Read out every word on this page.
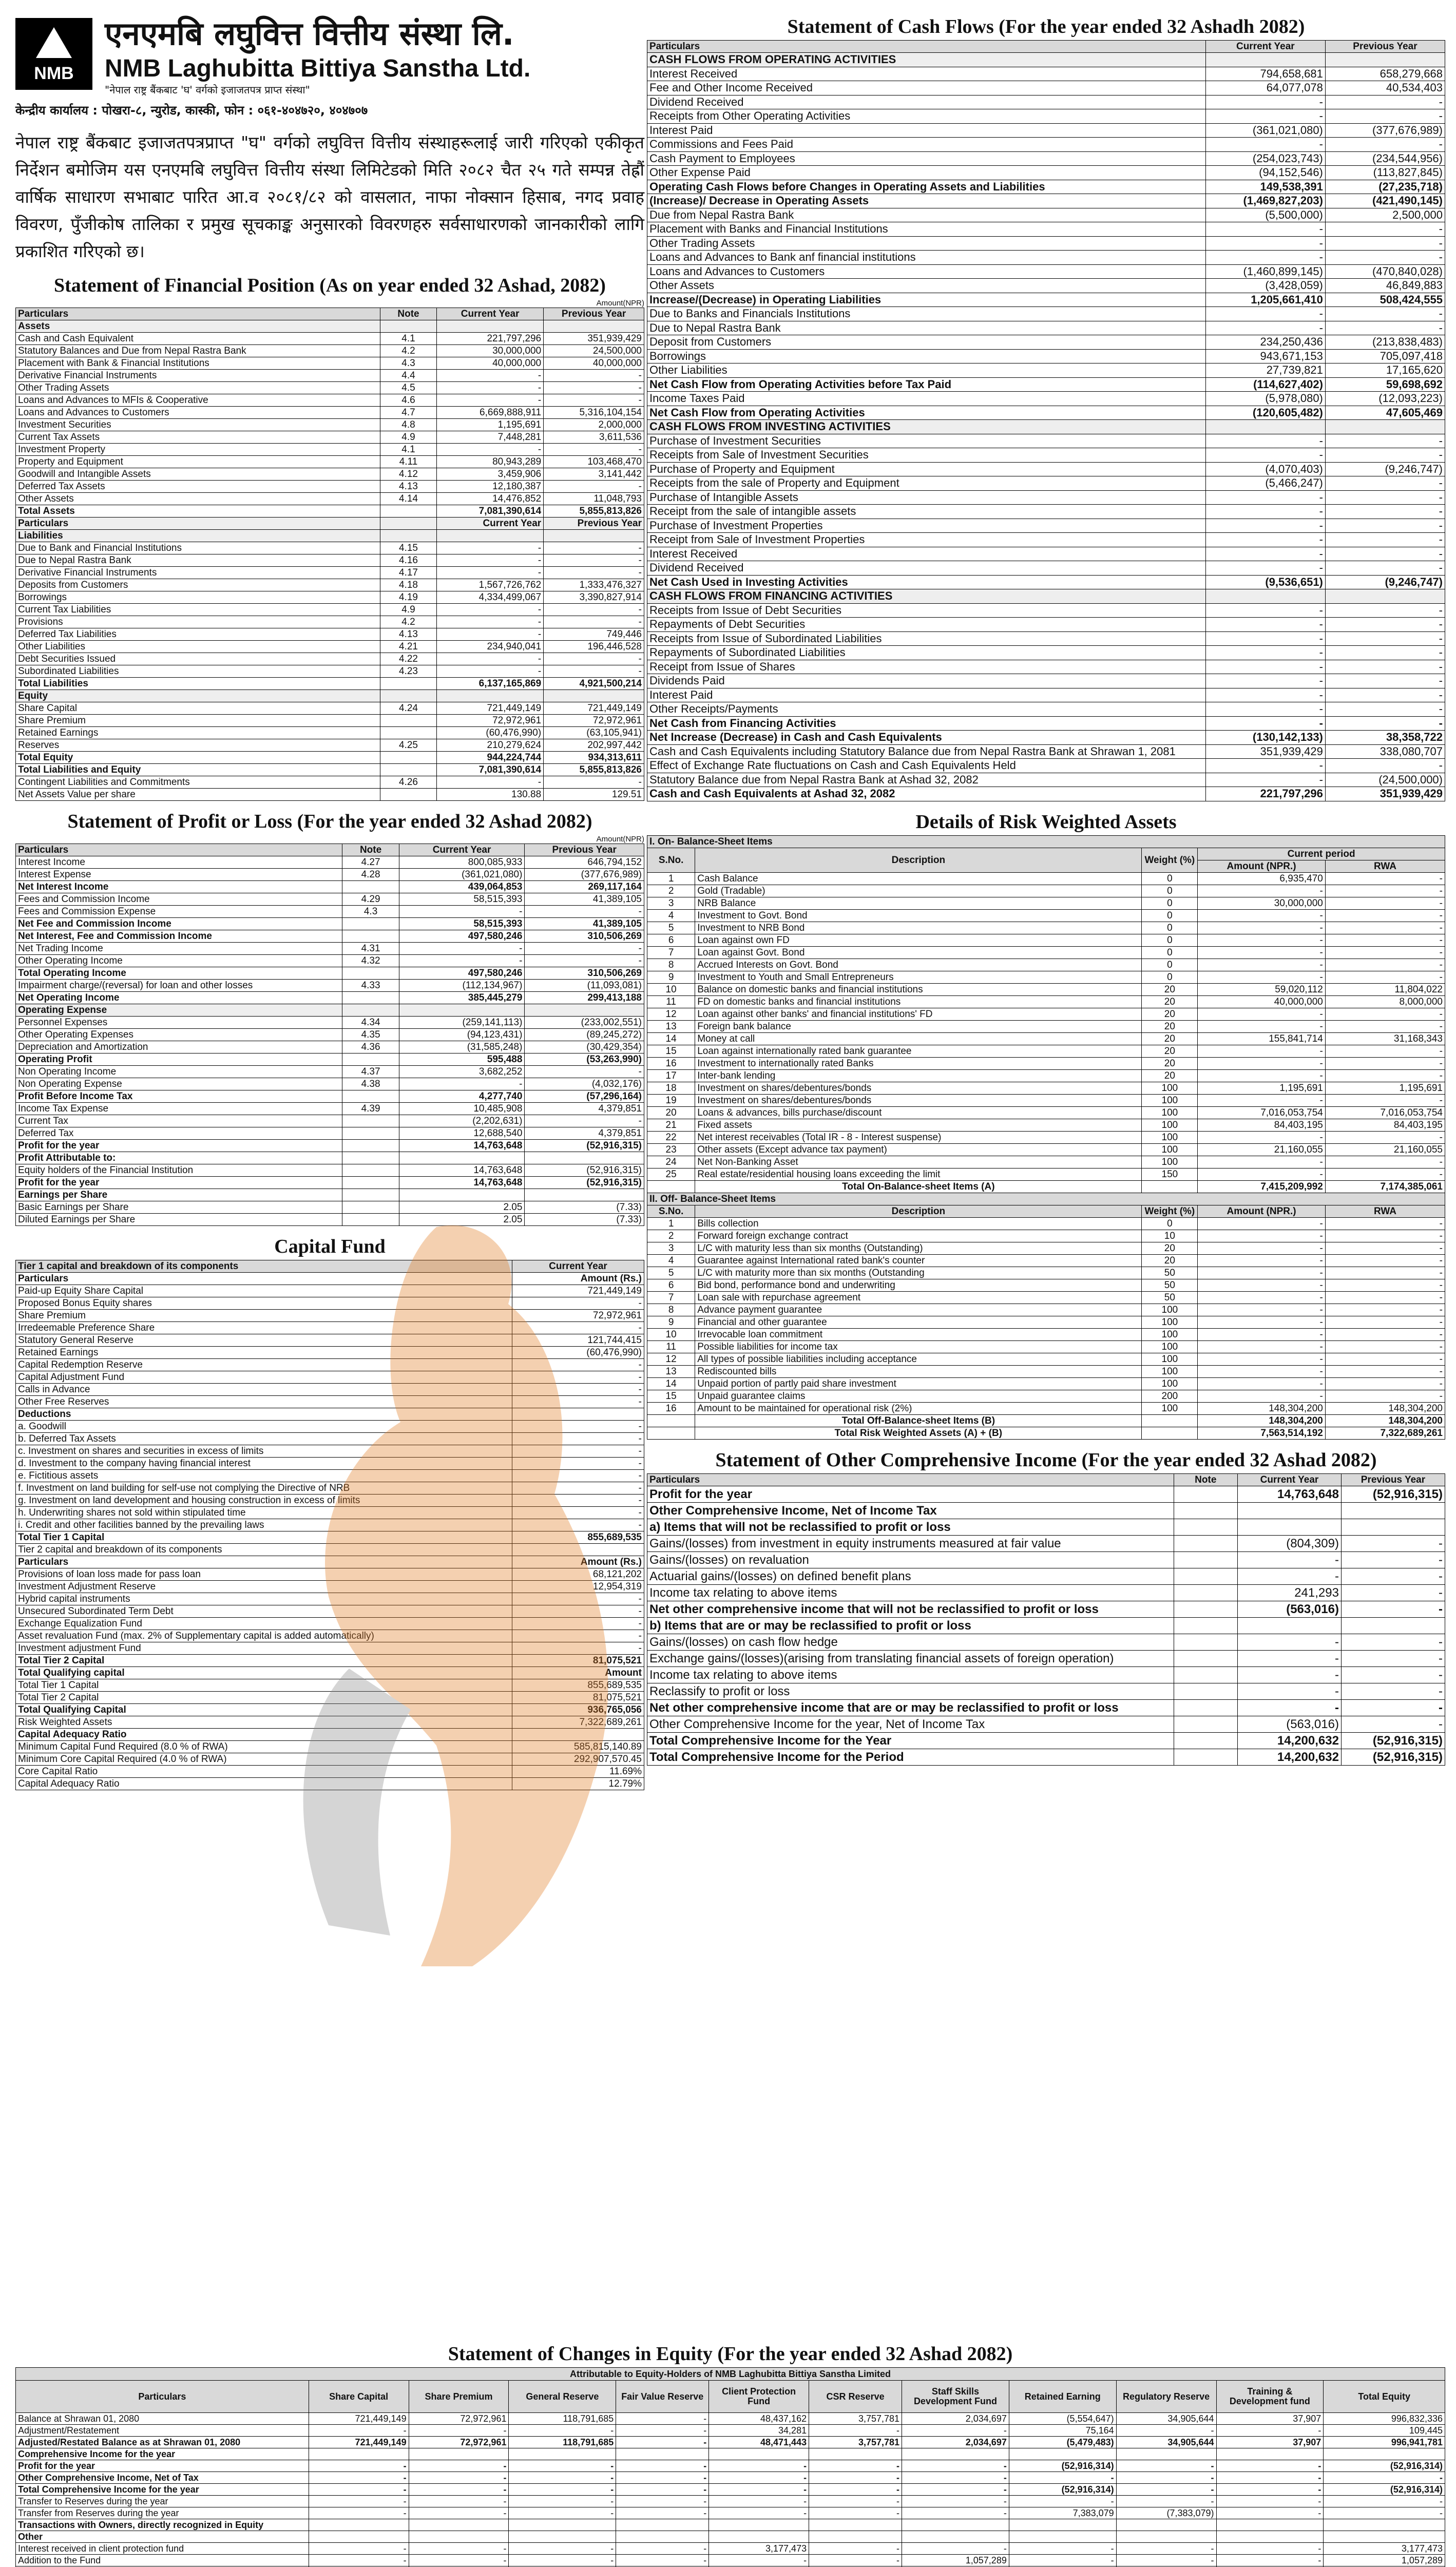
NMB
एनएमबि लघुवित्त वित्तीय संस्था लि.
NMB Laghubitta Bittiya Sanstha Ltd.
"नेपाल राष्ट्र बैंकबाट 'घ' वर्गको इजाजतपत्र प्राप्त संस्था"
केन्द्रीय कार्यालय : पोखरा-८, न्युरोड, कास्की, फोन : ०६१-४०४७२०, ४०४७०७
नेपाल राष्ट्र बैंकबाट इजाजतपत्रप्राप्त "घ" वर्गको लघुवित्त वित्तीय संस्थाहरूलाई जारी गरिएको एकीकृत निर्देशन बमोजिम यस एनएमबि लघुवित्त वित्तीय संस्था लिमिटेडको मिति २०८२ चैत २५ गते सम्पन्न तेह्रौं वार्षिक साधारण सभाबाट पारित आ.व २०८१/८२ को वासलात, नाफा नोक्सान हिसाब, नगद प्रवाह विवरण, पुँजीकोष तालिका र प्रमुख सूचकाङ्क अनुसारको विवरणहरु सर्वसाधारणको जानकारीको लागि प्रकाशित गरिएको छ।
Statement of Financial Position (As on year ended 32 Ashad, 2082)
Amount(NPR)
Particulars	Note	Current Year	Previous Year
Assets			
Cash and Cash Equivalent	4.1	221,797,296	351,939,429
Statutory Balances and Due from Nepal Rastra Bank	4.2	30,000,000	24,500,000
Placement with Bank & Financial Institutions	4.3	40,000,000	40,000,000
Derivative Financial Instruments	4.4	-	-
Other Trading Assets	4.5	-	-
Loans and Advances to MFIs & Cooperative	4.6	-	-
Loans and Advances to Customers	4.7	6,669,888,911	5,316,104,154
Investment Securities	4.8	1,195,691	2,000,000
Current Tax Assets	4.9	7,448,281	3,611,536
Investment Property	4.1	-	-
Property and Equipment	4.11	80,943,289	103,468,470
Goodwill and Intangible Assets	4.12	3,459,906	3,141,442
Deferred Tax Assets	4.13	12,180,387	-
Other Assets	4.14	14,476,852	11,048,793
Total Assets		7,081,390,614	5,855,813,826
Particulars		Current Year	Previous Year
Liabilities			
Due to Bank and Financial Institutions	4.15	-	-
Due to Nepal Rastra Bank	4.16	-	-
Derivative Financial Instruments	4.17	-	-
Deposits from Customers	4.18	1,567,726,762	1,333,476,327
Borrowings	4.19	4,334,499,067	3,390,827,914
Current Tax Liabilities	4.9	-	-
Provisions	4.2	-	-
Deferred Tax Liabilities	4.13	-	749,446
Other Liabilities	4.21	234,940,041	196,446,528
Debt Securities Issued	4.22	-	-
Subordinated Liabilities	4.23	-	-
Total Liabilities		6,137,165,869	4,921,500,214
Equity			
Share Capital	4.24	721,449,149	721,449,149
Share Premium		72,972,961	72,972,961
Retained Earnings		(60,476,990)	(63,105,941)
Reserves	4.25	210,279,624	202,997,442
Total Equity		944,224,744	934,313,611
Total Liabilities and Equity		7,081,390,614	5,855,813,826
Contingent Liabilities and Commitments	4.26	-	-
Net Assets Value per share		130.88	129.51
Statement of Profit or Loss (For the year ended 32 Ashad 2082)
Amount(NPR)
Particulars	Note	Current Year	Previous Year
Interest Income	4.27	800,085,933	646,794,152
Interest Expense	4.28	(361,021,080)	(377,676,989)
Net Interest Income		439,064,853	269,117,164
Fees and Commission Income	4.29	58,515,393	41,389,105
Fees and Commission Expense	4.3	-	-
Net Fee and Commission Income		58,515,393	41,389,105
Net Interest, Fee and Commission Income		497,580,246	310,506,269
Net Trading Income	4.31	-	-
Other Operating Income	4.32	-	-
Total Operating Income		497,580,246	310,506,269
Impairment charge/(reversal) for loan and other losses	4.33	(112,134,967)	(11,093,081)
Net Operating Income		385,445,279	299,413,188
Operating Expense			
Personnel Expenses	4.34	(259,141,113)	(233,002,551)
Other Operating Expenses	4.35	(94,123,431)	(89,245,272)
Depreciation and Amortization	4.36	(31,585,248)	(30,429,354)
Operating Profit		595,488	(53,263,990)
Non Operating Income	4.37	3,682,252	-
Non Operating Expense	4.38	-	(4,032,176)
Profit Before Income Tax		4,277,740	(57,296,164)
Income Tax Expense	4.39	10,485,908	4,379,851
Current Tax		(2,202,631)	-
Deferred Tax		12,688,540	4,379,851
Profit for the year		14,763,648	(52,916,315)
Profit Attributable to:			
Equity holders of the Financial Institution		14,763,648	(52,916,315)
Profit for the year		14,763,648	(52,916,315)
Earnings per Share			
Basic Earnings per Share		2.05	(7.33)
Diluted Earnings per Share		2.05	(7.33)
Capital Fund
Tier 1 capital and breakdown of its components	Current Year
Particulars	Amount (Rs.)
Paid-up Equity Share Capital	721,449,149
Proposed Bonus Equity shares	-
Share Premium	72,972,961
Irredeemable Preference Share	-
Statutory General Reserve	121,744,415
Retained Earnings	(60,476,990)
Capital Redemption Reserve	-
Capital Adjustment Fund	-
Calls in Advance	-
Other Free Reserves	-
Deductions	
a. Goodwill	-
b. Deferred Tax Assets	-
c. Investment on shares and securities in excess of limits	-
d. Investment to the company having financial interest	-
e. Fictitious assets	-
f. Investment on land building for self-use not complying the Directive of NRB	-
g. Investment on land development and housing construction in excess of limits	-
h. Underwriting shares not sold within stipulated time	-
i. Credit and other facilities banned by the prevailing laws	-
Total Tier 1 Capital	855,689,535
Tier 2 capital and breakdown of its components	
Particulars	Amount (Rs.)
Provisions of loan loss made for pass loan	68,121,202
Investment Adjustment Reserve	12,954,319
Hybrid capital instruments	-
Unsecured Subordinated Term Debt	-
Exchange Equalization Fund	-
Asset revaluation Fund (max. 2% of Supplementary capital is added automatically)	-
Investment adjustment Fund	-
Total Tier 2 Capital	81,075,521
Total Qualifying capital	Amount
Total Tier 1 Capital	855,689,535
Total Tier 2 Capital	81,075,521
Total Qualifying Capital	936,765,056
Risk Weighted Assets	7,322,689,261
Capital Adequacy Ratio	
Minimum Capital Fund Required (8.0 % of RWA)	585,815,140.89
Minimum Core Capital Required (4.0 % of RWA)	292,907,570.45
Core Capital Ratio	11.69%
Capital Adequacy Ratio	12.79%
Statement of Cash Flows (For the year ended 32 Ashadh 2082)
Particulars	Current Year	Previous Year
CASH FLOWS FROM OPERATING ACTIVITIES		
Interest Received	794,658,681	658,279,668
Fee and Other Income Received	64,077,078	40,534,403
Dividend Received	-	-
Receipts from Other Operating Activities	-	-
Interest Paid	(361,021,080)	(377,676,989)
Commissions and Fees Paid	-	-
Cash Payment to Employees	(254,023,743)	(234,544,956)
Other Expense Paid	(94,152,546)	(113,827,845)
Operating Cash Flows before Changes in Operating Assets and Liabilities	149,538,391	(27,235,718)
(Increase)/ Decrease in Operating Assets	(1,469,827,203)	(421,490,145)
Due from Nepal Rastra Bank	(5,500,000)	2,500,000
Placement with Banks and Financial Institutions	-	-
Other Trading Assets	-	-
Loans and Advances to Bank anf financial institutions	-	-
Loans and Advances to Customers	(1,460,899,145)	(470,840,028)
Other Assets	(3,428,059)	46,849,883
Increase/(Decrease) in Operating Liabilities	1,205,661,410	508,424,555
Due to Banks and Financials Institutions	-	-
Due to Nepal Rastra Bank	-	-
Deposit from Customers	234,250,436	(213,838,483)
Borrowings	943,671,153	705,097,418
Other Liabilities	27,739,821	17,165,620
Net Cash Flow from Operating Activities before Tax Paid	(114,627,402)	59,698,692
Income Taxes Paid	(5,978,080)	(12,093,223)
Net Cash Flow from Operating Activities	(120,605,482)	47,605,469
CASH FLOWS FROM INVESTING ACTIVITIES		
Purchase of Investment Securities	-	-
Receipts from Sale of Investment Securities	-	-
Purchase of Property and Equipment	(4,070,403)	(9,246,747)
Receipts from the sale of Property and Equipment	(5,466,247)	-
Purchase of Intangible Assets	-	-
Receipt from the sale of intangible assets	-	-
Purchase of Investment Properties	-	-
Receipt from Sale of Investment Properties	-	-
Interest Received	-	-
Dividend Received	-	-
Net Cash Used in Investing Activities	(9,536,651)	(9,246,747)
CASH FLOWS FROM FINANCING ACTIVITIES		
Receipts from Issue of Debt Securities	-	-
Repayments of Debt Securities	-	-
Receipts from Issue of Subordinated Liabilities	-	-
Repayments of Subordinated Liabilities	-	-
Receipt from Issue of Shares	-	-
Dividends Paid	-	-
Interest Paid	-	-
Other Receipts/Payments	-	-
Net Cash from Financing Activities	-	-
Net Increase (Decrease) in Cash and Cash Equivalents	(130,142,133)	38,358,722
Cash and Cash Equivalents including Statutory Balance due from Nepal Rastra Bank at Shrawan 1, 2081	351,939,429	338,080,707
Effect of Exchange Rate fluctuations on Cash and Cash Equivalents Held	-	-
Statutory Balance due from Nepal Rastra Bank at Ashad 32, 2082	-	(24,500,000)
Cash and Cash Equivalents at Ashad 32, 2082	221,797,296	351,939,429
Details of Risk Weighted Assets
I. On- Balance-Sheet Items				
S.No.	Description	Weight (%)	Current period	
			Amount (NPR.)	RWA
1	Cash Balance	0	6,935,470	-
2	Gold (Tradable)	0	-	-
3	NRB Balance	0	30,000,000	-
4	Investment to Govt. Bond	0	-	-
5	Investment to NRB Bond	0	-	-
6	Loan against own FD	0	-	-
7	Loan against Govt. Bond	0	-	-
8	Accrued Interests on Govt. Bond	0	-	-
9	Investment to Youth and Small Entrepreneurs	0	-	-
10	Balance on domestic banks and financial institutions	20	59,020,112	11,804,022
11	FD on domestic banks and financial institutions	20	40,000,000	8,000,000
12	Loan against other banks' and financial institutions' FD	20	-	-
13	Foreign bank balance	20	-	-
14	Money at call	20	155,841,714	31,168,343
15	Loan against internationally rated bank guarantee	20	-	-
16	Investment to internationally rated Banks	20	-	-
17	Inter-bank lending	20	-	-
18	Investment on shares/debentures/bonds	100	1,195,691	1,195,691
19	Investment on shares/debentures/bonds	100	-	-
20	Loans & advances, bills purchase/discount	100	7,016,053,754	7,016,053,754
21	Fixed assets	100	84,403,195	84,403,195
22	Net interest receivables (Total IR - 8 - Interest suspense)	100	-	-
23	Other assets (Except advance tax payment)	100	21,160,055	21,160,055
24	Net Non-Banking Asset	100	-	-
25	Real estate/residential housing loans exceeding the limit	150	-	-
	Total On-Balance-sheet Items (A)		7,415,209,992	7,174,385,061
II. Off- Balance-Sheet Items				
S.No.	Description	Weight (%)	Amount (NPR.)	RWA
1	Bills collection	0	-	-
2	Forward foreign exchange contract	10	-	-
3	L/C with maturity less than six months (Outstanding)	20	-	-
4	Guarantee against International rated bank's counter	20	-	-
5	L/C with maturity more than six months (Outstanding	50	-	-
6	Bid bond, performance bond and underwriting	50	-	-
7	Loan sale with repurchase agreement	50	-	-
8	Advance payment guarantee	100	-	-
9	Financial and other guarantee	100	-	-
10	Irrevocable loan commitment	100	-	-
11	Possible liabilities for income tax	100	-	-
12	All types of possible liabilities including acceptance	100	-	-
13	Rediscounted bills	100	-	-
14	Unpaid portion of partly paid share investment	100	-	-
15	Unpaid guarantee claims	200	-	-
16	Amount to be maintained for operational risk (2%)	100	148,304,200	148,304,200
	Total Off-Balance-sheet Items (B)		148,304,200	148,304,200
	Total Risk Weighted Assets (A) + (B)		7,563,514,192	7,322,689,261
Statement of Other Comprehensive Income (For the year ended 32 Ashad 2082)
Particulars	Note	Current Year	Previous Year
Profit for the year		14,763,648	(52,916,315)
Other Comprehensive Income, Net of Income Tax			
a) Items that will not be reclassified to profit or loss			
Gains/(losses) from investment in equity instruments measured at fair value		(804,309)	-
Gains/(losses) on revaluation		-	-
Actuarial gains/(losses) on defined benefit plans		-	-
Income tax relating to above items		241,293	-
Net other comprehensive income that will not be reclassified to profit or loss		(563,016)	-
b) Items that are or may be reclassified to profit or loss			
Gains/(losses) on cash flow hedge		-	-
Exchange gains/(losses)(arising from translating financial assets of foreign operation)		-	-
Income tax relating to above items		-	-
Reclassify to profit or loss		-	-
Net other comprehensive income that are or may be reclassified to profit or loss		-	-
Other Comprehensive Income for the year, Net of Income Tax		(563,016)	-
Total Comprehensive Income for the Year		14,200,632	(52,916,315)
Total Comprehensive Income for the Period		14,200,632	(52,916,315)
Statement of Changes in Equity (For the year ended 32 Ashad 2082)
Attributable to Equity-Holders of NMB Laghubitta Bittiya Sanstha Limited											
Particulars	Share Capital	Share Premium	General Reserve	Fair Value Reserve	Client Protection Fund	CSR Reserve	Staff Skills Development Fund	Retained Earning	Regulatory Reserve	Training & Development fund	Total Equity
Balance at Shrawan 01, 2080	721,449,149	72,972,961	118,791,685	-	48,437,162	3,757,781	2,034,697	(5,554,647)	34,905,644	37,907	996,832,336
Adjustment/Restatement	-	-	-	-	34,281	-	-	75,164	-	-	109,445
Adjusted/Restated Balance as at Shrawan 01, 2080	721,449,149	72,972,961	118,791,685	-	48,471,443	3,757,781	2,034,697	(5,479,483)	34,905,644	37,907	996,941,781
Comprehensive Income for the year											
Profit for the year	-	-	-	-	-	-	-	(52,916,314)	-	-	(52,916,314)
Other Comprehensive Income, Net of Tax	-	-	-	-	-	-	-	-	-	-	-
Total Comprehensive Income for the year	-	-	-	-	-	-	-	(52,916,314)	-	-	(52,916,314)
Transfer to Reserves during the year	-	-	-	-	-	-	-	-	-	-	-
Transfer from Reserves during the year	-	-	-	-	-	-	-	7,383,079	(7,383,079)	-	-
Transactions with Owners, directly recognized in Equity											
Other											
Interest received in client protection fund	-	-	-	-	3,177,473	-	-	-	-	-	3,177,473
Addition to the Fund	-	-	-	-	-	-	1,057,289	-	-	-	1,057,289
